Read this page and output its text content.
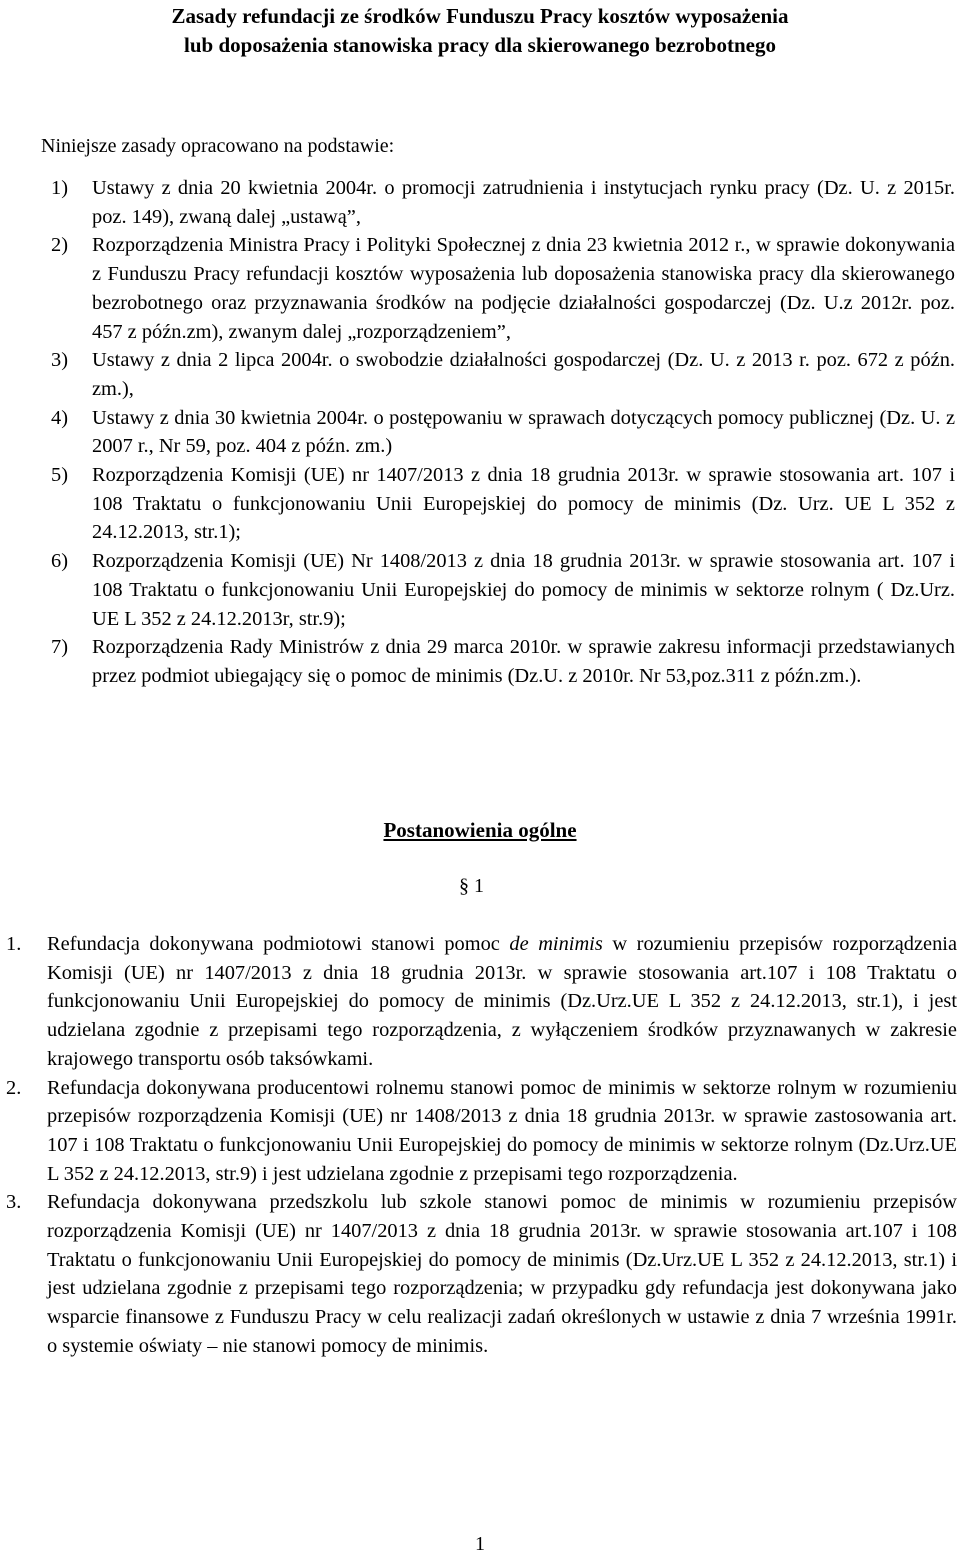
Zasady refundacji ze środków Funduszu Pracy kosztów wyposażenia
lub doposażenia stanowiska pracy dla skierowanego bezrobotnego
Niniejsze zasady opracowano na podstawie:
1) Ustawy z dnia 20 kwietnia 2004r. o promocji zatrudnienia i instytucjach rynku pracy (Dz. U. z 2015r. poz. 149), zwaną dalej „ustawą”,
2) Rozporządzenia Ministra Pracy i Polityki Społecznej z dnia 23 kwietnia 2012 r., w sprawie dokonywania z Funduszu Pracy refundacji kosztów wyposażenia lub doposażenia stanowiska pracy dla skierowanego bezrobotnego oraz przyznawania środków na podjęcie działalności gospodarczej (Dz. U.z 2012r. poz. 457 z późn.zm), zwanym dalej „rozporządzeniem”,
3) Ustawy z dnia 2 lipca 2004r. o swobodzie działalności gospodarczej (Dz. U. z 2013 r. poz. 672 z późn. zm.),
4) Ustawy z dnia 30 kwietnia 2004r. o postępowaniu w sprawach dotyczących pomocy publicznej (Dz. U. z 2007 r., Nr 59, poz. 404 z późn. zm.)
5) Rozporządzenia Komisji (UE) nr 1407/2013 z dnia 18 grudnia 2013r. w sprawie stosowania art. 107 i 108 Traktatu o funkcjonowaniu Unii Europejskiej do pomocy de minimis (Dz. Urz. UE L 352 z 24.12.2013, str.1);
6) Rozporządzenia Komisji (UE) Nr 1408/2013 z dnia 18 grudnia 2013r. w sprawie stosowania art. 107 i 108 Traktatu o funkcjonowaniu Unii Europejskiej do pomocy de minimis w sektorze rolnym ( Dz.Urz. UE L 352 z 24.12.2013r, str.9);
7) Rozporządzenia Rady Ministrów z dnia 29 marca 2010r. w sprawie zakresu informacji przedstawianych przez podmiot ubiegający się o pomoc de minimis (Dz.U. z 2010r. Nr 53,poz.311 z późn.zm.).
Postanowienia ogólne
§ 1
1. Refundacja dokonywana podmiotowi stanowi pomoc de minimis w rozumieniu przepisów rozporządzenia Komisji (UE) nr 1407/2013 z dnia 18 grudnia 2013r. w sprawie stosowania art.107 i 108 Traktatu o funkcjonowaniu Unii Europejskiej do pomocy de minimis (Dz.Urz.UE L 352 z 24.12.2013, str.1), i jest udzielana zgodnie z przepisami tego rozporządzenia, z wyłączeniem środków przyznawanych w zakresie krajowego transportu osób taksówkami.
2. Refundacja dokonywana producentowi rolnemu stanowi pomoc de minimis w sektorze rolnym w rozumieniu przepisów rozporządzenia Komisji (UE) nr 1408/2013 z dnia 18 grudnia 2013r. w sprawie zastosowania art. 107 i 108 Traktatu o funkcjonowaniu Unii Europejskiej do pomocy de minimis w sektorze rolnym (Dz.Urz.UE L 352 z 24.12.2013, str.9) i jest udzielana zgodnie z przepisami tego rozporządzenia.
3. Refundacja dokonywana przedszkolu lub szkole stanowi pomoc de minimis w rozumieniu przepisów rozporządzenia Komisji (UE) nr 1407/2013 z dnia 18 grudnia 2013r. w sprawie stosowania art.107 i 108 Traktatu o funkcjonowaniu Unii Europejskiej do pomocy de minimis (Dz.Urz.UE L 352 z 24.12.2013, str.1) i jest udzielana zgodnie z przepisami tego rozporządzenia; w przypadku gdy refundacja jest dokonywana jako wsparcie finansowe z Funduszu Pracy w celu realizacji zadań określonych w ustawie z dnia 7 września 1991r. o systemie oświaty – nie stanowi pomocy de minimis.
1
